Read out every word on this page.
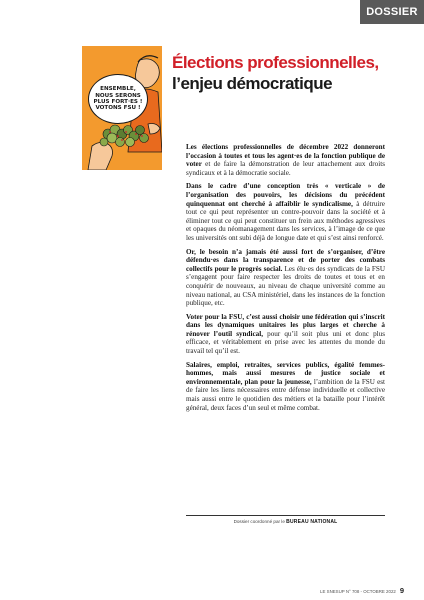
DOSSIER
ENSEMBLE,
NOUS SERONS
PLUS FORT·ES !
VOTONS FSU !
Élections professionnelles,
l’enjeu démocratique

Les élections professionnelles de décembre 2022 donneront l’occasion à toutes et tous les agent·es de la fonction publique de voter et de faire la démonstration de leur attachement aux droits syndicaux et à la démocratie sociale.

Dans le cadre d’une conception très « verticale » de l’organisation des pouvoirs, les décisions du précédent quinquennat ont cherché à affaiblir le syndicalisme, à détruire tout ce qui peut représenter un contre-pouvoir dans la société et à éliminer tout ce qui peut constituer un frein aux méthodes agressives et opaques du néomanagement dans les services, à l’image de ce que les universités ont subi déjà de longue date et qui s’est ainsi renforcé.

Or, le besoin n’a jamais été aussi fort de s’organiser, d’être défendu·es dans la transparence et de porter des combats collectifs pour le progrès social. Les élu·es des syndicats de la FSU s’engagent pour faire respecter les droits de toutes et tous et en conquérir de nouveaux, au niveau de chaque université comme au niveau national, au CSA ministériel, dans les instances de la fonction publique, etc.

Voter pour la FSU, c’est aussi choisir une fédération qui s’inscrit dans les dynamiques unitaires les plus larges et cherche à rénover l’outil syndical, pour qu’il soit plus uni et donc plus efficace, et véritablement en prise avec les attentes du monde du travail tel qu’il est.

Salaires, emploi, retraites, services publics, égalité femmes-hommes, mais aussi mesures de justice sociale et environnementale, plan pour la jeunesse, l’ambition de la FSU est de faire les liens nécessaires entre défense individuelle et collective mais aussi entre le quotidien des métiers et la bataille pour l’intérêt général, deux faces d’un seul et même combat.

Dossier coordonné par le BUREAU NATIONAL
LE SNESUP N° 708 - OCTOBRE 2022 9
